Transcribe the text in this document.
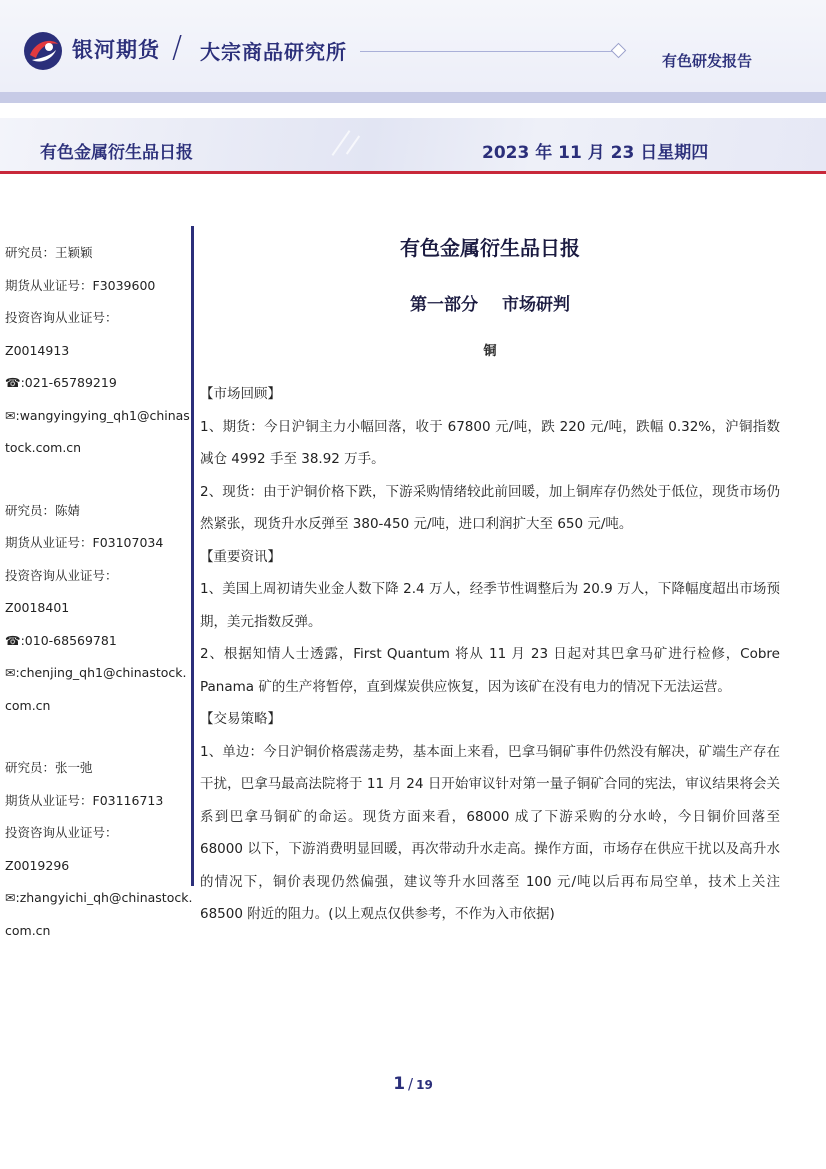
银河期货 / 大宗商品研究所	有色研发报告
有色金属衍生品日报	2023 年 11 月 23 日星期四
研究员：王颖颖
期货从业证号：F3039600
投资咨询从业证号：
Z0014913
☎:021-65789219
✉:wangyingying_qh1@chinas
tock.com.cn
研究员：陈婧
期货从业证号：F03107034
投资咨询从业证号：
Z0018401
☎:010-68569781
✉:chenjing_qh1@chinastock.
com.cn
研究员：张一弛
期货从业证号：F03116713
投资咨询从业证号：
Z0019296
✉:zhangyichi_qh@chinastock.
com.cn
有色金属衍生品日报
第一部分 市场研判
铜

【市场回顾】

1、期货：今日沪铜主力小幅回落，收于 67800 元/吨，跌 220 元/吨，跌幅 0.32%，沪铜指数减仓 4992 手至 38.92 万手。

2、现货：由于沪铜价格下跌，下游采购情绪较此前回暖，加上铜库存仍然处于低位，现货市场仍然紧张，现货升水反弹至 380-450 元/吨，进口利润扩大至 650 元/吨。

【重要资讯】

1、美国上周初请失业金人数下降 2.4 万人，经季节性调整后为 20.9 万人，下降幅度超出市场预期，美元指数反弹。

2、根据知情人士透露，First Quantum 将从 11 月 23 日起对其巴拿马矿进行检修，Cobre Panama 矿的生产将暂停，直到煤炭供应恢复，因为该矿在没有电力的情况下无法运营。

【交易策略】

1、单边：今日沪铜价格震荡走势，基本面上来看，巴拿马铜矿事件仍然没有解决，矿端生产存在干扰，巴拿马最高法院将于 11 月 24 日开始审议针对第一量子铜矿合同的宪法，审议结果将会关系到巴拿马铜矿的命运。现货方面来看，68000 成了下游采购的分水岭，今日铜价回落至 68000 以下，下游消费明显回暖，再次带动升水走高。操作方面，市场存在供应干扰以及高升水的情况下，铜价表现仍然偏强，建议等升水回落至 100 元/吨以后再布局空单，技术上关注 68500 附近的阻力。(以上观点仅供参考，不作为入市依据)

1 / 19
